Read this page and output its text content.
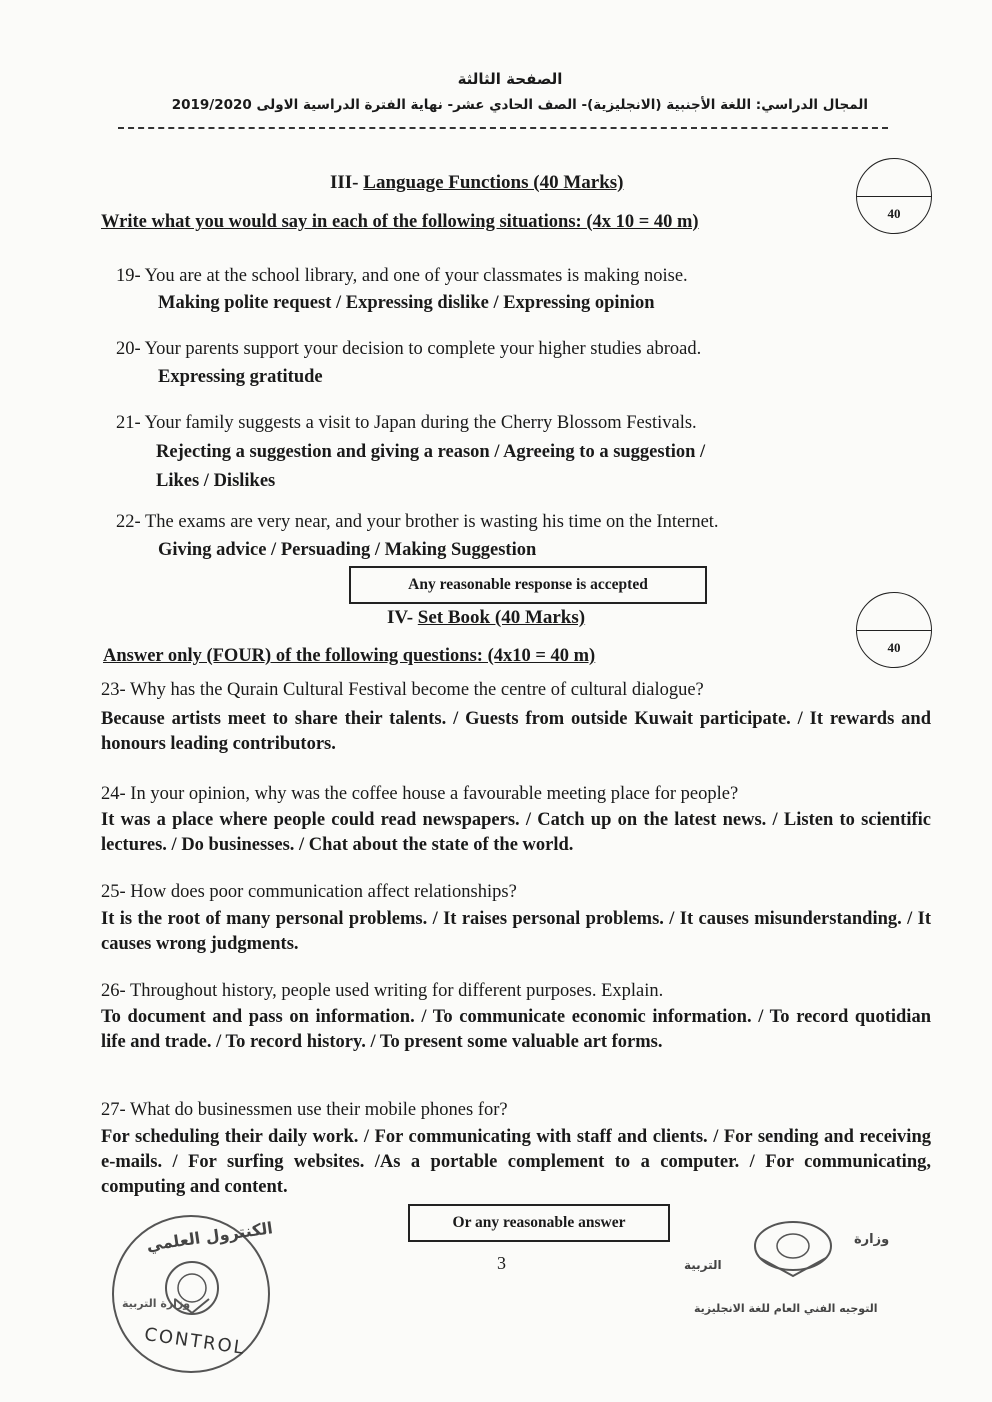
الصفحة الثالثة
المجال الدراسي: اللغة الأجنبية (الانجليزية)- الصف الحادي عشر- نهاية الفترة الدراسية الاولى 2019/2020
III- Language Functions (40 Marks)
Write what you would say in each of the following situations: (4x 10 = 40 m)	40
19- You are at the school library, and one of your classmates is making noise.
Making polite request / Expressing dislike / Expressing opinion
20- Your parents support your decision to complete your higher studies abroad.
Expressing gratitude
21- Your family suggests a visit to Japan during the Cherry Blossom Festivals.
Rejecting a suggestion and giving a reason / Agreeing to a suggestion /
Likes / Dislikes
22- The exams are very near, and your brother is wasting his time on the Internet.
Giving advice / Persuading / Making Suggestion
Any reasonable response is accepted
IV- Set Book (40 Marks)
Answer only (FOUR) of the following questions: (4x10 = 40 m)	40
23- Why has the Qurain Cultural Festival become the centre of cultural dialogue?
Because artists meet to share their talents. / Guests from outside Kuwait participate. / It rewards and honours leading contributors.
24- In your opinion, why was the coffee house a favourable meeting place for people?
It was a place where people could read newspapers. / Catch up on the latest news. / Listen to scientific lectures. / Do businesses. / Chat about the state of the world.
25- How does poor communication affect relationships?
It is the root of many personal problems. / It raises personal problems. / It causes misunderstanding. / It causes wrong judgments.
26- Throughout history, people used writing for different purposes. Explain.
To document and pass on information. / To communicate economic information. / To record quotidian life and trade. / To record history. / To present some valuable art forms.
27- What do businessmen use their mobile phones for?
For scheduling their daily work. / For communicating with staff and clients. / For sending and receiving e-mails. / For surfing websites. /As a portable complement to a computer. / For communicating, computing and content.
Or any reasonable answer
3
الكنترول العلمي
وزارة التربية
CONTROL
وزارة
التربية
التوجيه الفني العام للغة الانجليزية
